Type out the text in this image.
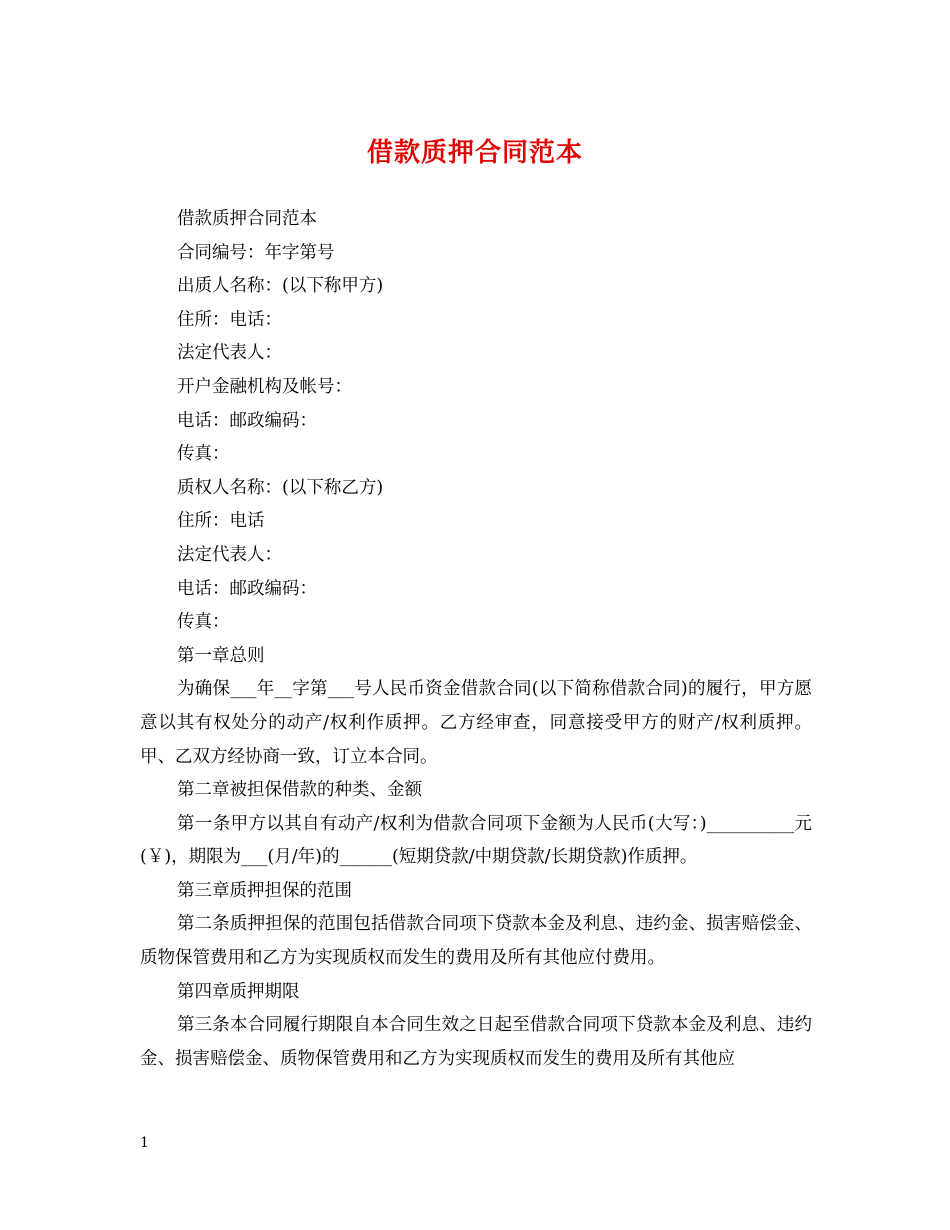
借款质押合同范本

借款质押合同范本

合同编号：年字第号

出质人名称：(以下称甲方)

住所：电话：

法定代表人：

开户金融机构及帐号：

电话：邮政编码：

传真：

质权人名称：(以下称乙方)

住所：电话

法定代表人：

电话：邮政编码：

传真：

第一章总则

为确保___年__字第___号人民币资金借款合同(以下简称借款合同)的履行，甲方愿意以其有权处分的动产/权利作质押。乙方经审查，同意接受甲方的财产/权利质押。甲、乙双方经协商一致，订立本合同。

第二章被担保借款的种类、金额

第一条甲方以其自有动产/权利为借款合同项下金额为人民币(大写：)__________元(￥)，期限为___(月/年)的______(短期贷款/中期贷款/长期贷款)作质押。

第三章质押担保的范围

第二条质押担保的范围包括借款合同项下贷款本金及利息、违约金、损害赔偿金、质物保管费用和乙方为实现质权而发生的费用及所有其他应付费用。

第四章质押期限

第三条本合同履行期限自本合同生效之日起至借款合同项下贷款本金及利息、违约金、损害赔偿金、质物保管费用和乙方为实现质权而发生的费用及所有其他应

1
